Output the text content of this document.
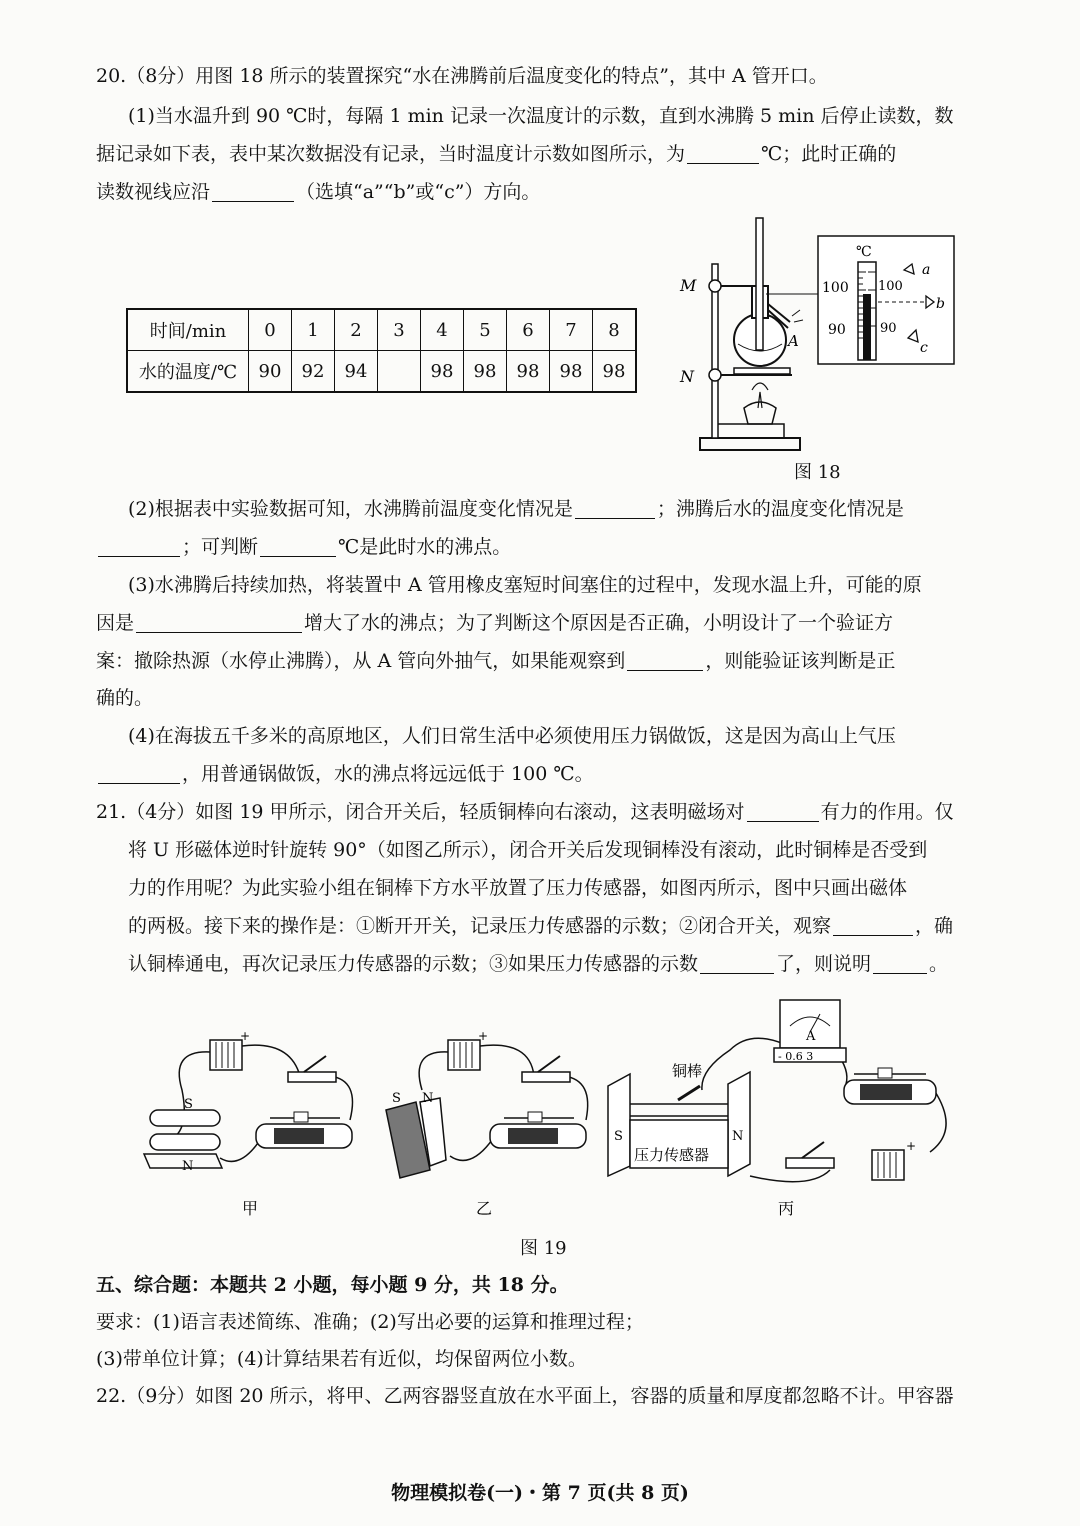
20.（8分）用图 18 所示的装置探究“水在沸腾前后温度变化的特点”，其中 A 管开口。
(1)当水温升到 90 ℃时，每隔 1 min 记录一次温度计的示数，直到水沸腾 5 min 后停止读数，数
据记录如下表，表中某次数据没有记录，当时温度计示数如图所示，为	℃；此时正确的
读数视线应沿	（选填“a”“b”或“c”）方向。
时间/min	0	1	2	3	4	5	6	7	8
水的温度/℃	90	92	94		98	98	98	98	98
M
N
A
℃
100
90
100
90
a
b
c
图 18
(2)根据表中实验数据可知，水沸腾前温度变化情况是	；沸腾后水的温度变化情况是
；可判断	℃是此时水的沸点。
(3)水沸腾后持续加热，将装置中 A 管用橡皮塞短时间塞住的过程中，发现水温上升，可能的原
因是	增大了水的沸点；为了判断这个原因是否正确，小明设计了一个验证方
案：撤除热源（水停止沸腾），从 A 管向外抽气，如果能观察到	，则能验证该判断是正
确的。
(4)在海拔五千多米的高原地区，人们日常生活中必须使用压力锅做饭，这是因为高山上气压
，用普通锅做饭，水的沸点将远远低于 100 ℃。
21.（4分）如图 19 甲所示，闭合开关后，轻质铜棒向右滚动，这表明磁场对	有力的作用。仅
将 U 形磁体逆时针旋转 90°（如图乙所示），闭合开关后发现铜棒没有滚动，此时铜棒是否受到
力的作用呢？为此实验小组在铜棒下方水平放置了压力传感器，如图丙所示，图中只画出磁体
的两极。接下来的操作是：①断开开关，记录压力传感器的示数；②闭合开关，观察	，确
认铜棒通电，再次记录压力传感器的示数；③如果压力传感器的示数	了，则说明	。
+
S
N
甲
+
S N
乙
A
- 0.6 3
+
S	N
铜棒
压力传感器
丙
图 19
五、综合题：本题共 2 小题，每小题 9 分，共 18 分。
要求：(1)语言表述简练、准确；(2)写出必要的运算和推理过程；
(3)带单位计算；(4)计算结果若有近似，均保留两位小数。
22.（9分）如图 20 所示，将甲、乙两容器竖直放在水平面上，容器的质量和厚度都忽略不计。甲容器
物理模拟卷(一)・第 7 页(共 8 页)
